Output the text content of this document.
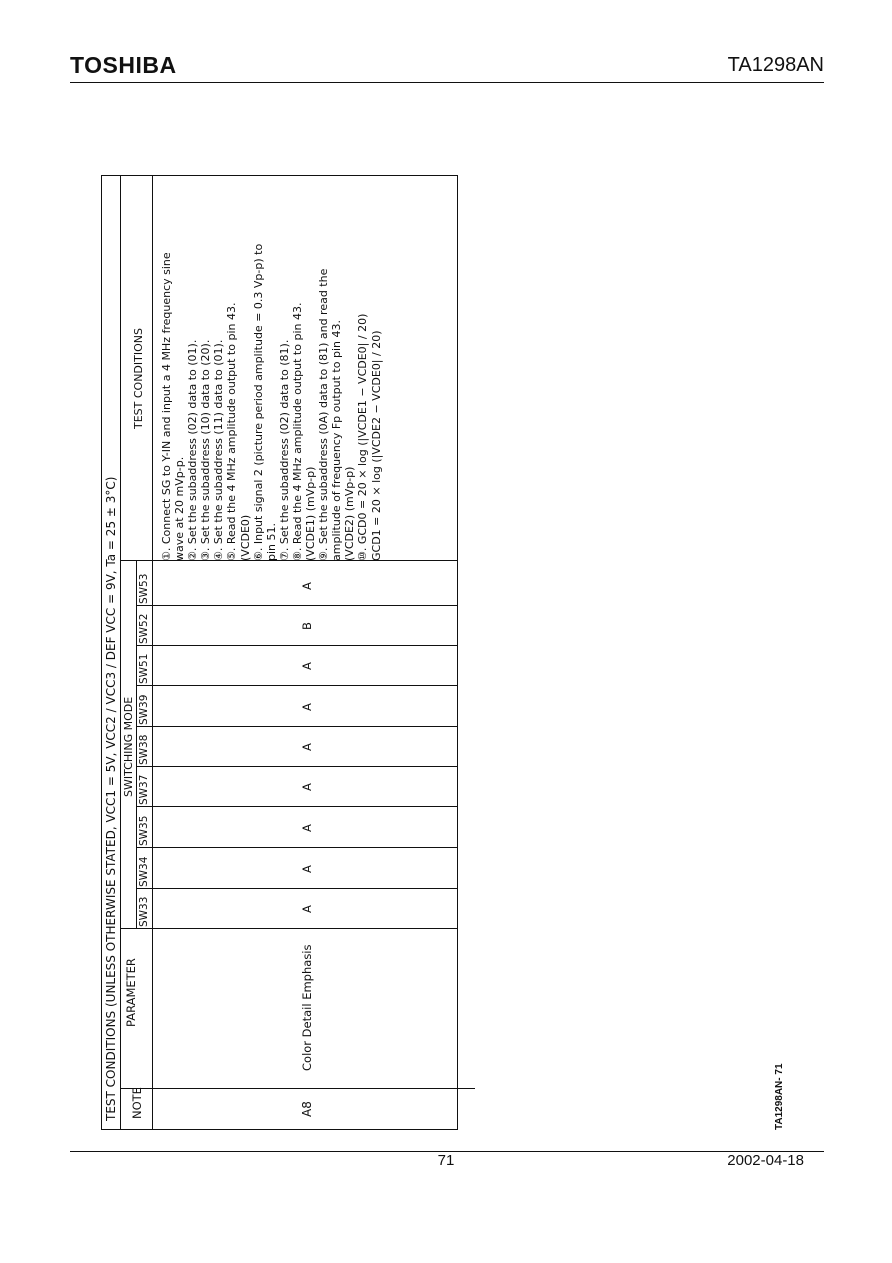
TOSHIBA	TA1298AN
TEST CONDITIONS (UNLESS OTHERWISE STATED, VCC1 = 5V, VCC2 / VCC3 / DEF VCC = 9V, Ta = 25 ± 3°C) NOTE
PARAMETER
SWITCHING MODE
TEST CONDITIONS
SW33
SW34
SW35
SW37
SW38
SW39
SW51
SW52
SW53
A8
Color Detail Emphasis
A
A
A
A
A
A
A
B
A
①. Connect SG to Y-IN and input a 4 MHz frequency sine wave at 20 mVp-p. ②. Set the subaddress (02) data to (01). ③. Set the subaddress (10) data to (20). ④. Set the subaddress (11) data to (01). ⑤. Read the 4 MHz amplitude output to pin 43. (VCDE0) ⑥. Input signal 2 (picture period amplitude = 0.3 Vp-p) to pin 51. ⑦. Set the subaddress (02) data to (81). ⑧. Read the 4 MHz amplitude output to pin 43. (VCDE1) (mVp-p) ⑨. Set the subaddress (0A) data to (81) and read the amplitude of frequency Fp output to pin 43. (VCDE2) (mVp-p) ⑩. GCD0 = 20 × log (|VCDE1 − VCDE0| / 20) GCD1 = 20 × log (|VCDE2 − VCDE0| / 20)
TA1298AN- 71
71	2002-04-18
